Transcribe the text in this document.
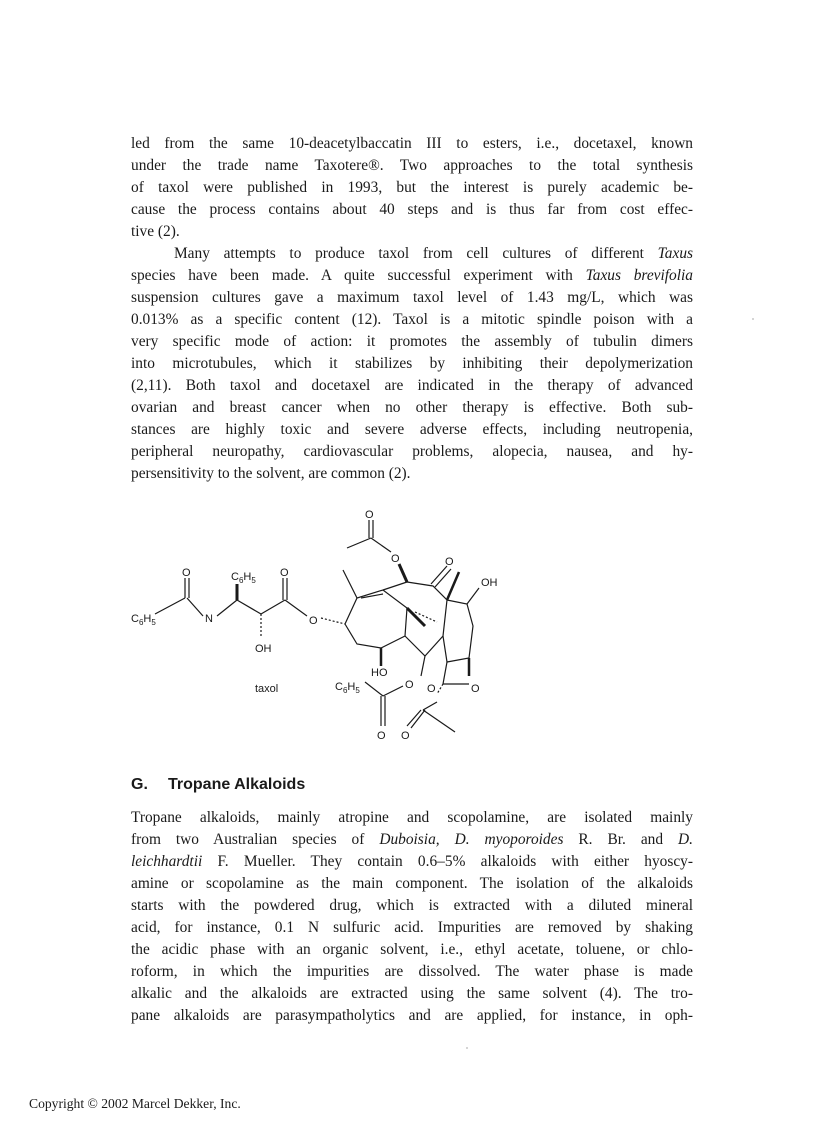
led from the same 10-deacetylbaccatin III to esters, i.e., docetaxel, known
under the trade name Taxotere®. Two approaches to the total synthesis
of taxol were published in 1993, but the interest is purely academic be-
cause the process contains about 40 steps and is thus far from cost effec-
tive (2).
Many attempts to produce taxol from cell cultures of different Taxus
species have been made. A quite successful experiment with Taxus brevifolia
suspension cultures gave a maximum taxol level of 1.43 mg/L, which was
0.013% as a specific content (12). Taxol is a mitotic spindle poison with a
very specific mode of action: it promotes the assembly of tubulin dimers
into microtubules, which it stabilizes by inhibiting their depolymerization
(2,11). Both taxol and docetaxel are indicated in the therapy of advanced
ovarian and breast cancer when no other therapy is effective. Both sub-
stances are highly toxic and severe adverse effects, including neutropenia,
peripheral neuropathy, cardiovascular problems, alopecia, nausea, and hy-
persensitivity to the solvent, are common (2).
O
O	O
O	O
$C_6H_5$
$C_6H_5$	N	O
OH
OH
HO
$C_6H_5$	O O	O
O O
taxol
G. Tropane Alkaloids
Tropane alkaloids, mainly atropine and scopolamine, are isolated mainly
from two Australian species of Duboisia, D. myoporoides R. Br. and D.
leichhardtii F. Mueller. They contain 0.6–5% alkaloids with either hyoscy-
amine or scopolamine as the main component. The isolation of the alkaloids
starts with the powdered drug, which is extracted with a diluted mineral
acid, for instance, 0.1 N sulfuric acid. Impurities are removed by shaking
the acidic phase with an organic solvent, i.e., ethyl acetate, toluene, or chlo-
roform, in which the impurities are dissolved. The water phase is made
alkalic and the alkaloids are extracted using the same solvent (4). The tro-
pane alkaloids are parasympatholytics and are applied, for instance, in oph-
Copyright © 2002 Marcel Dekker, Inc.
